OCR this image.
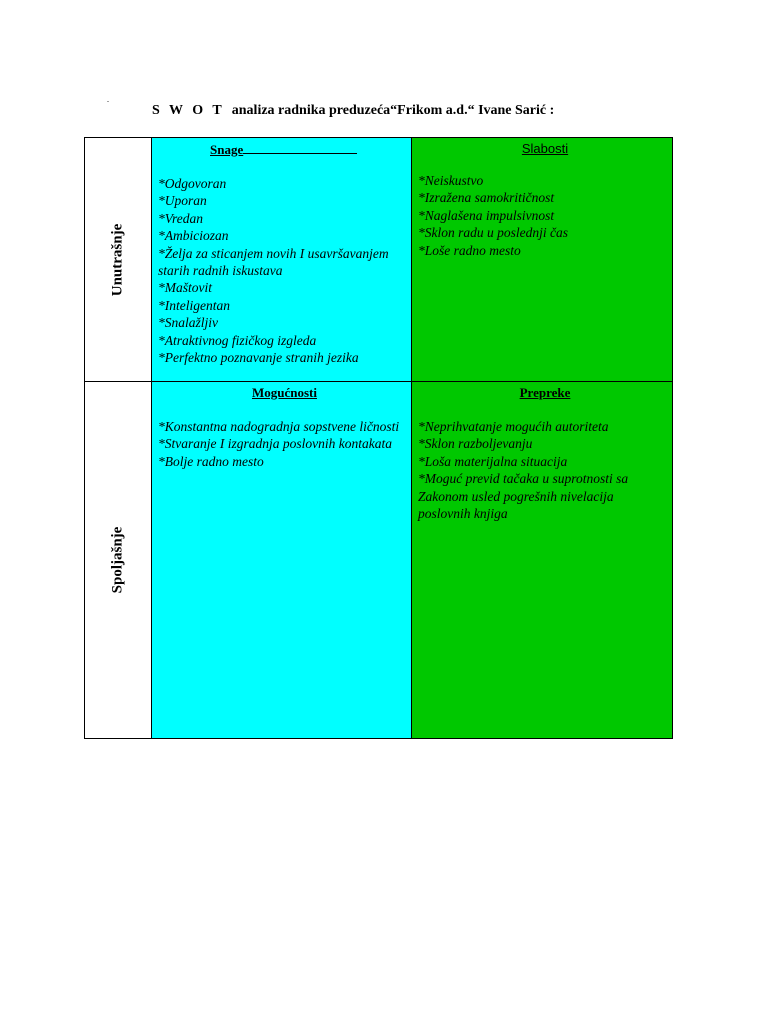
.
S W O T  analiza radnika preduzeća“Frikom a.d.“ Ivane Sarić :
Unutrašnje
Spoljašnje
Snage
*Odgovoran
*Uporan
*Vredan
*Ambiciozan
*Želja za sticanjem novih I usavršavanjem starih radnih iskustava
*Maštovit
*Inteligentan
*Snalažljiv
*Atraktivnog fizičkog izgleda
*Perfektno poznavanje stranih jezika
Slabosti
*Neiskustvo
*Izražena samokritičnost
*Naglašena impulsivnost
*Sklon radu u poslednji čas
*Loše radno mesto
Mogućnosti
*Konstantna nadogradnja sopstvene ličnosti
*Stvaranje I izgradnja poslovnih kontakata
*Bolje radno mesto
Prepreke
*Neprihvatanje mogućih autoriteta
*Sklon razboljevanju
*Loša materijalna situacija
*Moguć previd tačaka u suprotnosti sa Zakonom usled pogrešnih nivelacija poslovnih knjiga
